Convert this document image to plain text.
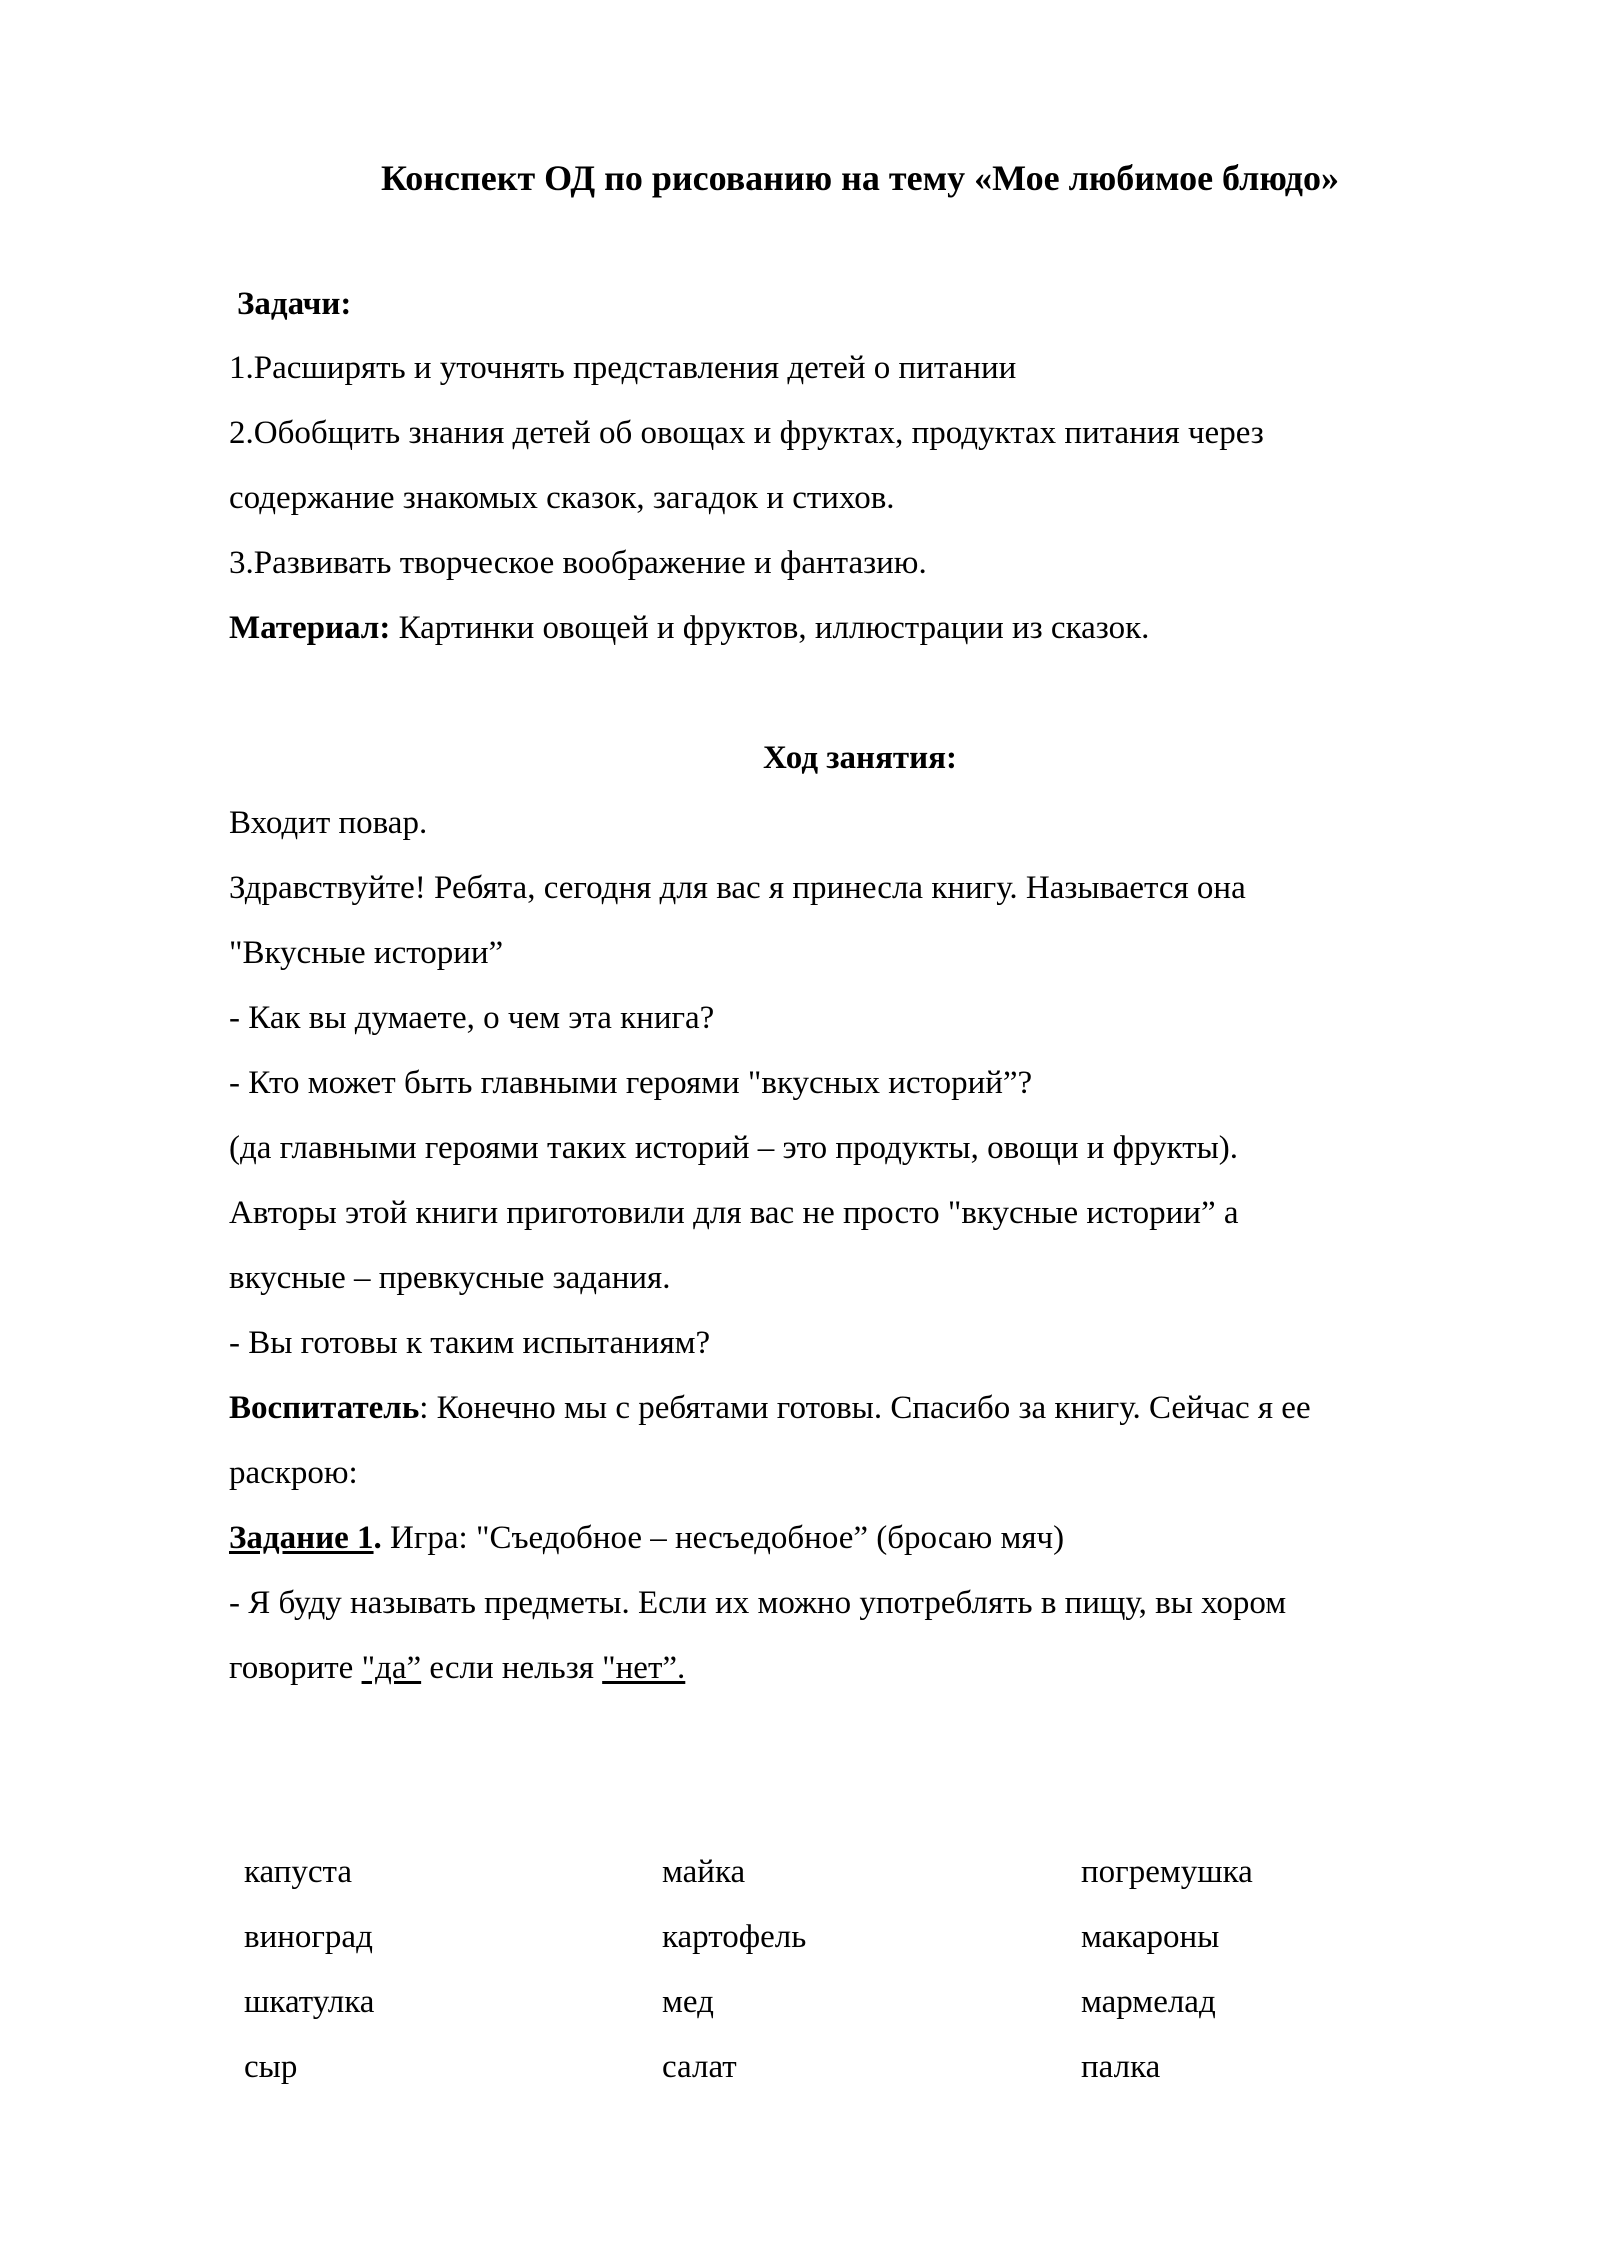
Конспект ОД по рисованию на тему «Мое любимое блюдо»
Задачи:
1.Расширять и уточнять представления детей о питании
2.Обобщить знания детей об овощах и фруктах, продуктах питания через
содержание знакомых сказок, загадок и стихов.
3.Развивать творческое воображение и фантазию.
Материал: Картинки овощей и фруктов, иллюстрации из сказок.
Ход занятия:
Входит повар.
Здравствуйте! Ребята, сегодня для вас я принесла книгу. Называется она
"Вкусные истории”
- Как вы думаете, о чем эта книга?
- Кто может быть главными героями "вкусных историй”?
(да главными героями таких историй – это продукты, овощи и фрукты).
Авторы этой книги приготовили для вас не просто "вкусные истории” а
вкусные – превкусные задания.
- Вы готовы к таким испытаниям?
Воспитатель: Конечно мы с ребятами готовы. Спасибо за книгу. Сейчас я ее
раскрою:
Задание 1. Игра: "Съедобное – несъедобное” (бросаю мяч)
- Я буду называть предметы. Если их можно употреблять в пищу, вы хором
говорите "да” если нельзя "нет”.
капуста
виноград
шкатулка
сыр
майка
картофель
мед
салат
погремушка
макароны
мармелад
палка
